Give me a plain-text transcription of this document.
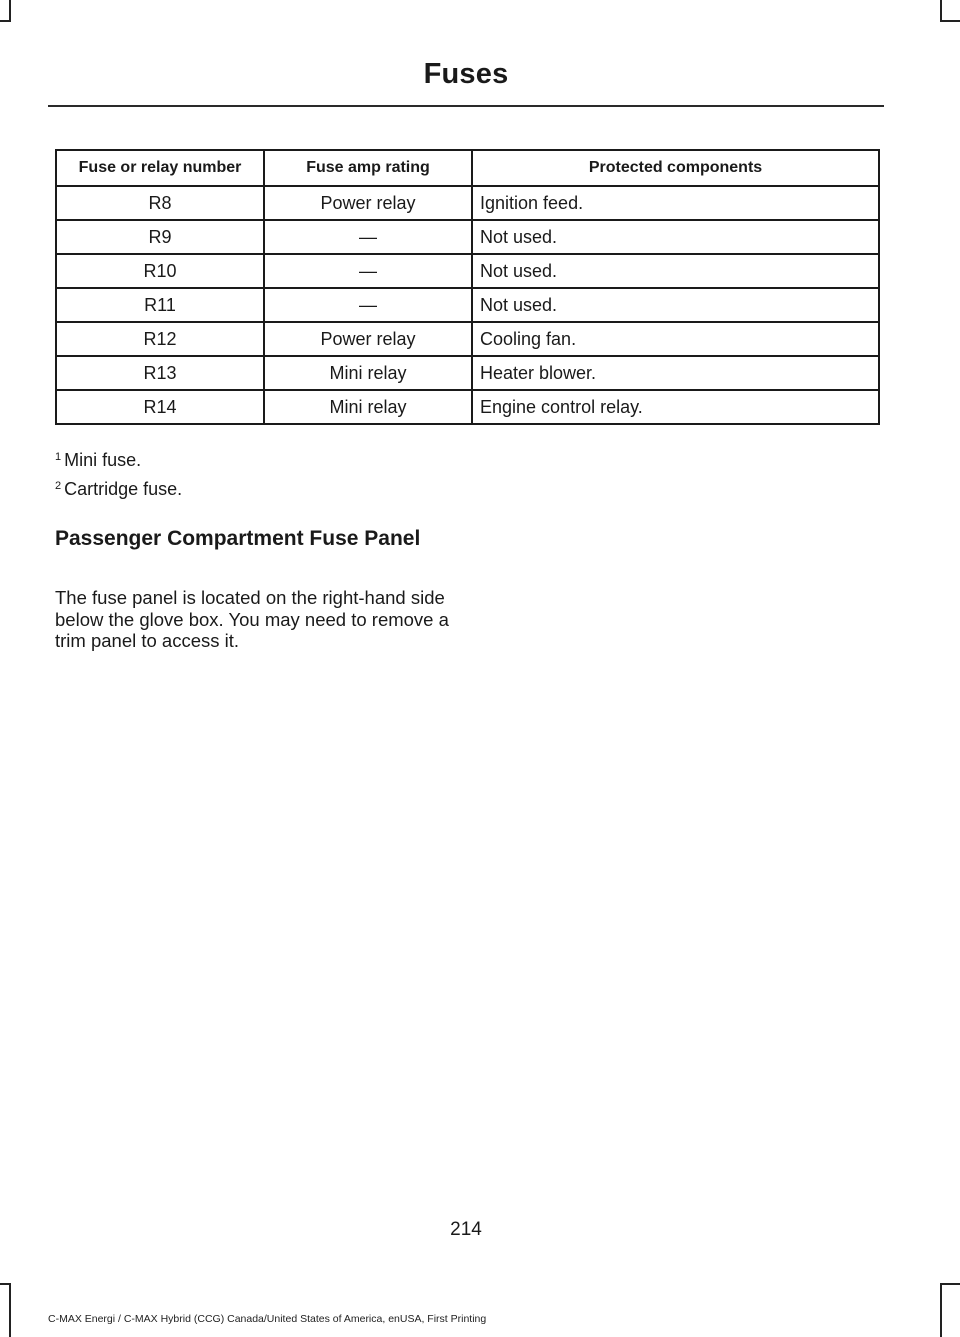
Fuses
Fuse or relay number	Fuse amp rating	Protected components
R8	Power relay	Ignition feed.
R9	—	Not used.
R10	—	Not used.
R11	—	Not used.
R12	Power relay	Cooling fan.
R13	Mini relay	Heater blower.
R14	Mini relay	Engine control relay.
$^1$ Mini fuse.
$^2$ Cartridge fuse.
Passenger Compartment Fuse Panel
The fuse panel is located on the right-hand side below the glove box. You may need to remove a trim panel to access it.
214
C-MAX Energi / C-MAX Hybrid (CCG) Canada/United States of America, enUSA, First Printing
